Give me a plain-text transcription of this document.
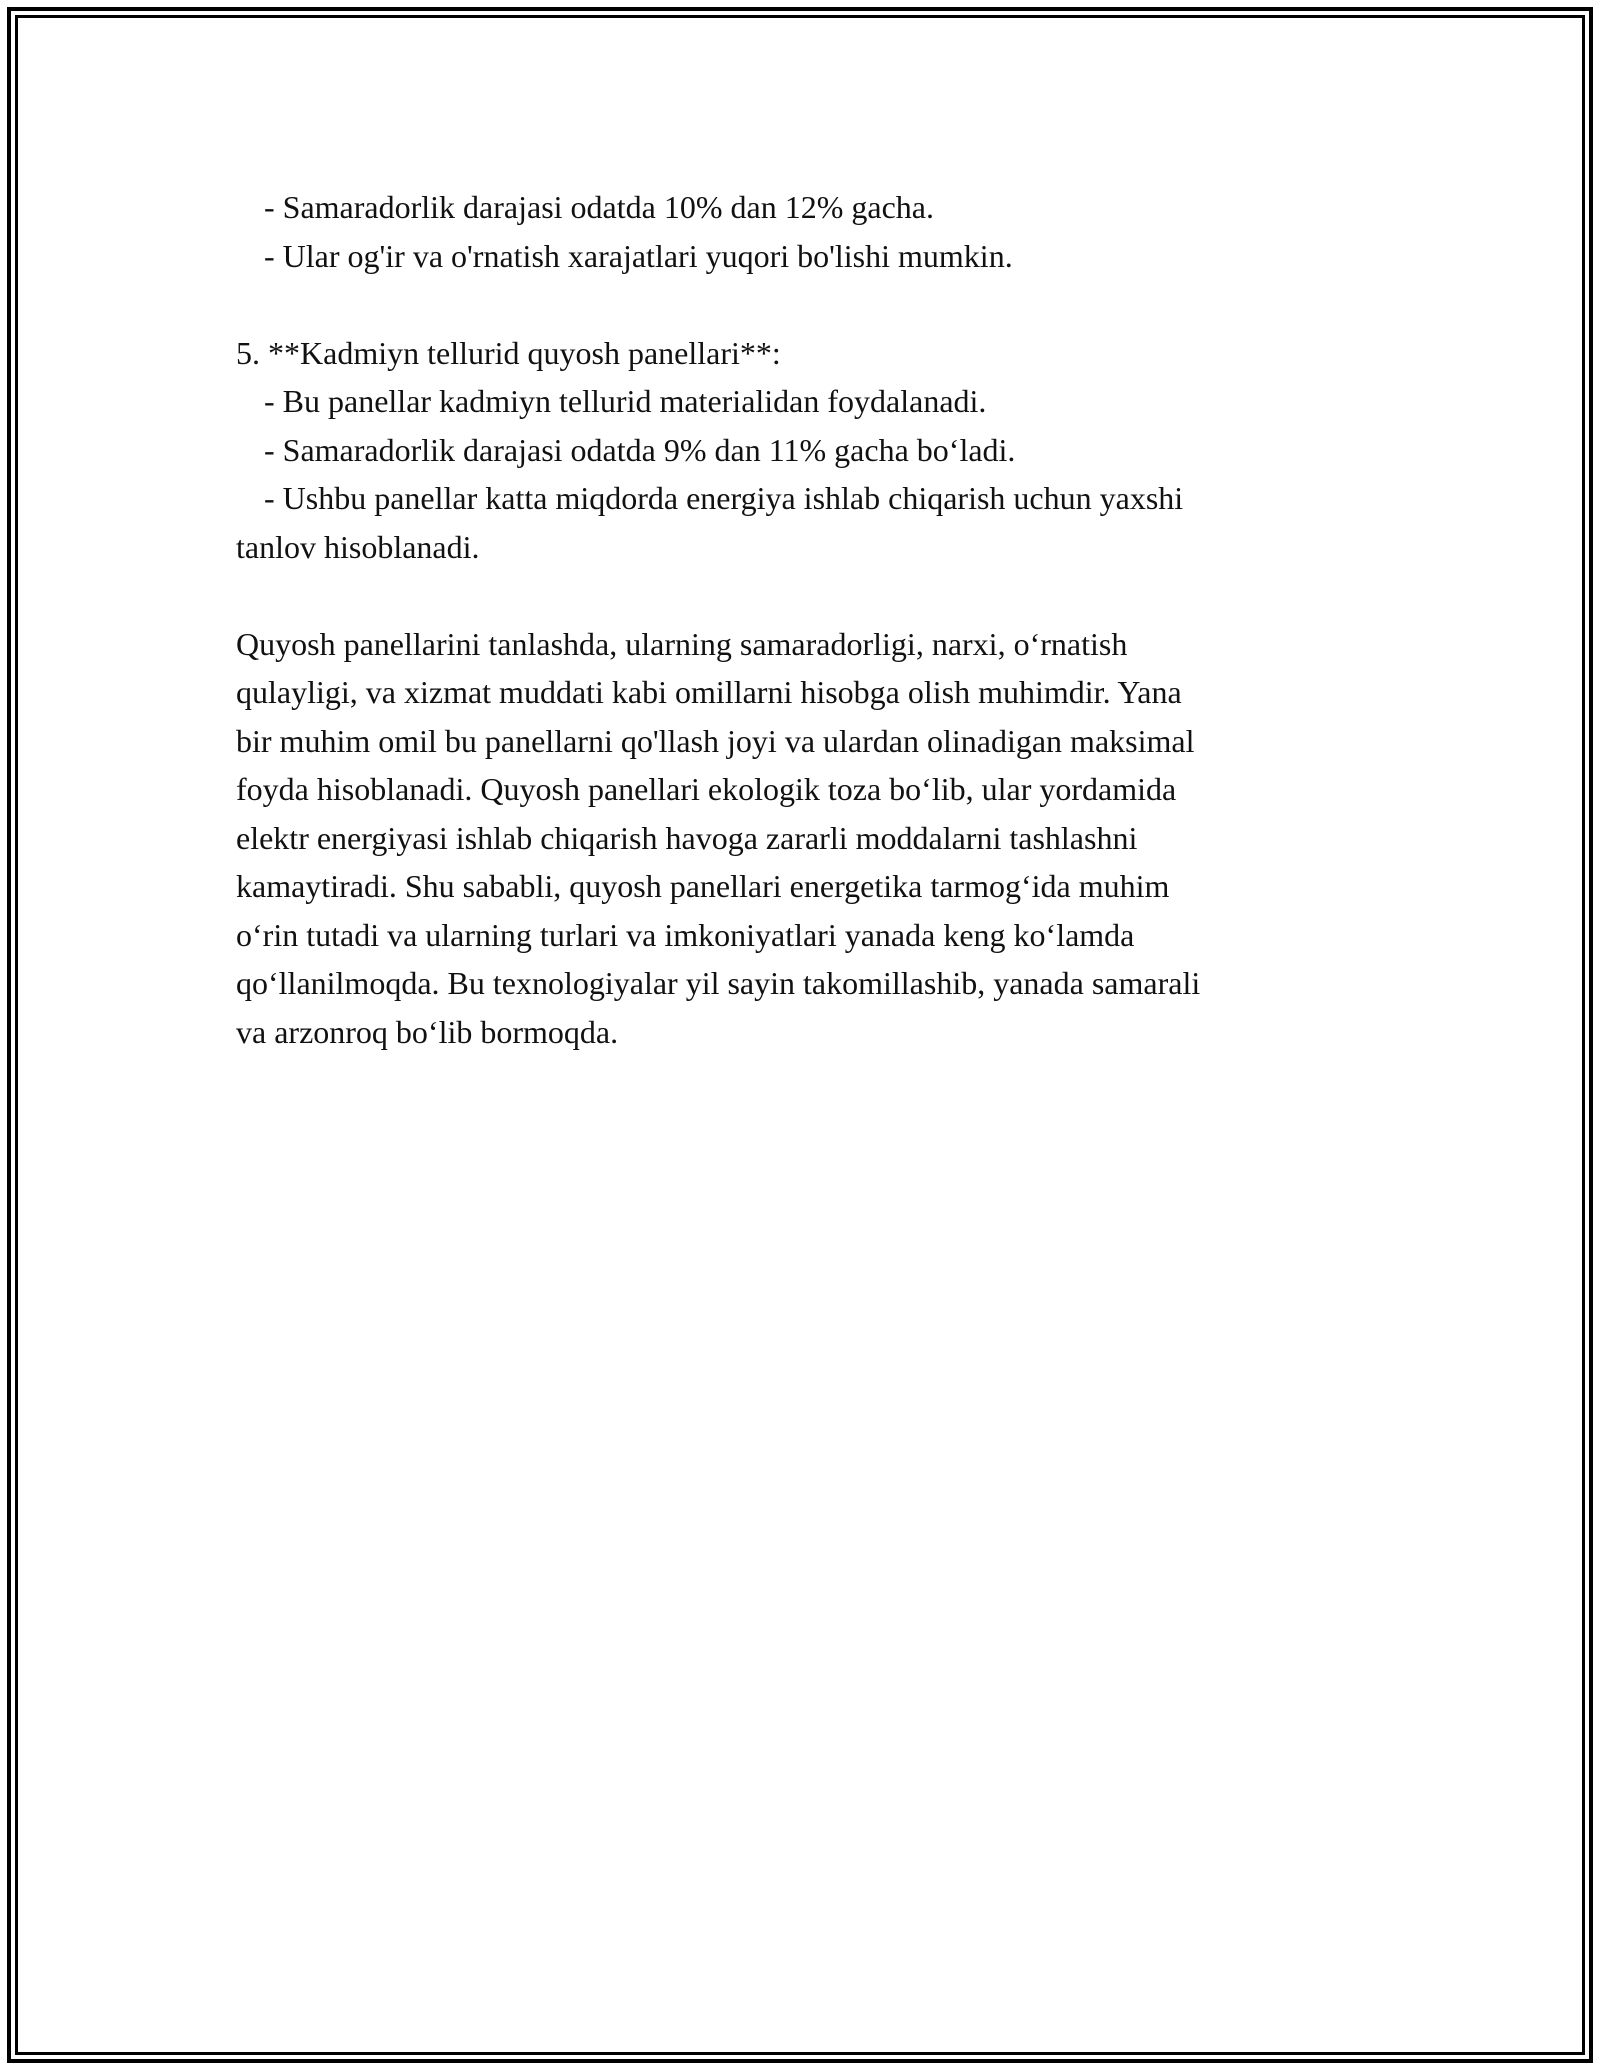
- Samaradorlik darajasi odatda 10% dan 12% gacha.
- Ular og'ir va o'rnatish xarajatlari yuqori bo'lishi mumkin.
5. **Kadmiyn tellurid quyosh panellari**:
- Bu panellar kadmiyn tellurid materialidan foydalanadi.
- Samaradorlik darajasi odatda 9% dan 11% gacha bo‘ladi.
- Ushbu panellar katta miqdorda energiya ishlab chiqarish uchun yaxshi
tanlov hisoblanadi.
Quyosh panellarini tanlashda, ularning samaradorligi, narxi, o‘rnatish
qulayligi, va xizmat muddati kabi omillarni hisobga olish muhimdir. Yana
bir muhim omil bu panellarni qo'llash joyi va ulardan olinadigan maksimal
foyda hisoblanadi. Quyosh panellari ekologik toza bo‘lib, ular yordamida
elektr energiyasi ishlab chiqarish havoga zararli moddalarni tashlashni
kamaytiradi. Shu sababli, quyosh panellari energetika tarmog‘ida muhim
o‘rin tutadi va ularning turlari va imkoniyatlari yanada keng ko‘lamda
qo‘llanilmoqda. Bu texnologiyalar yil sayin takomillashib, yanada samarali
va arzonroq bo‘lib bormoqda.
